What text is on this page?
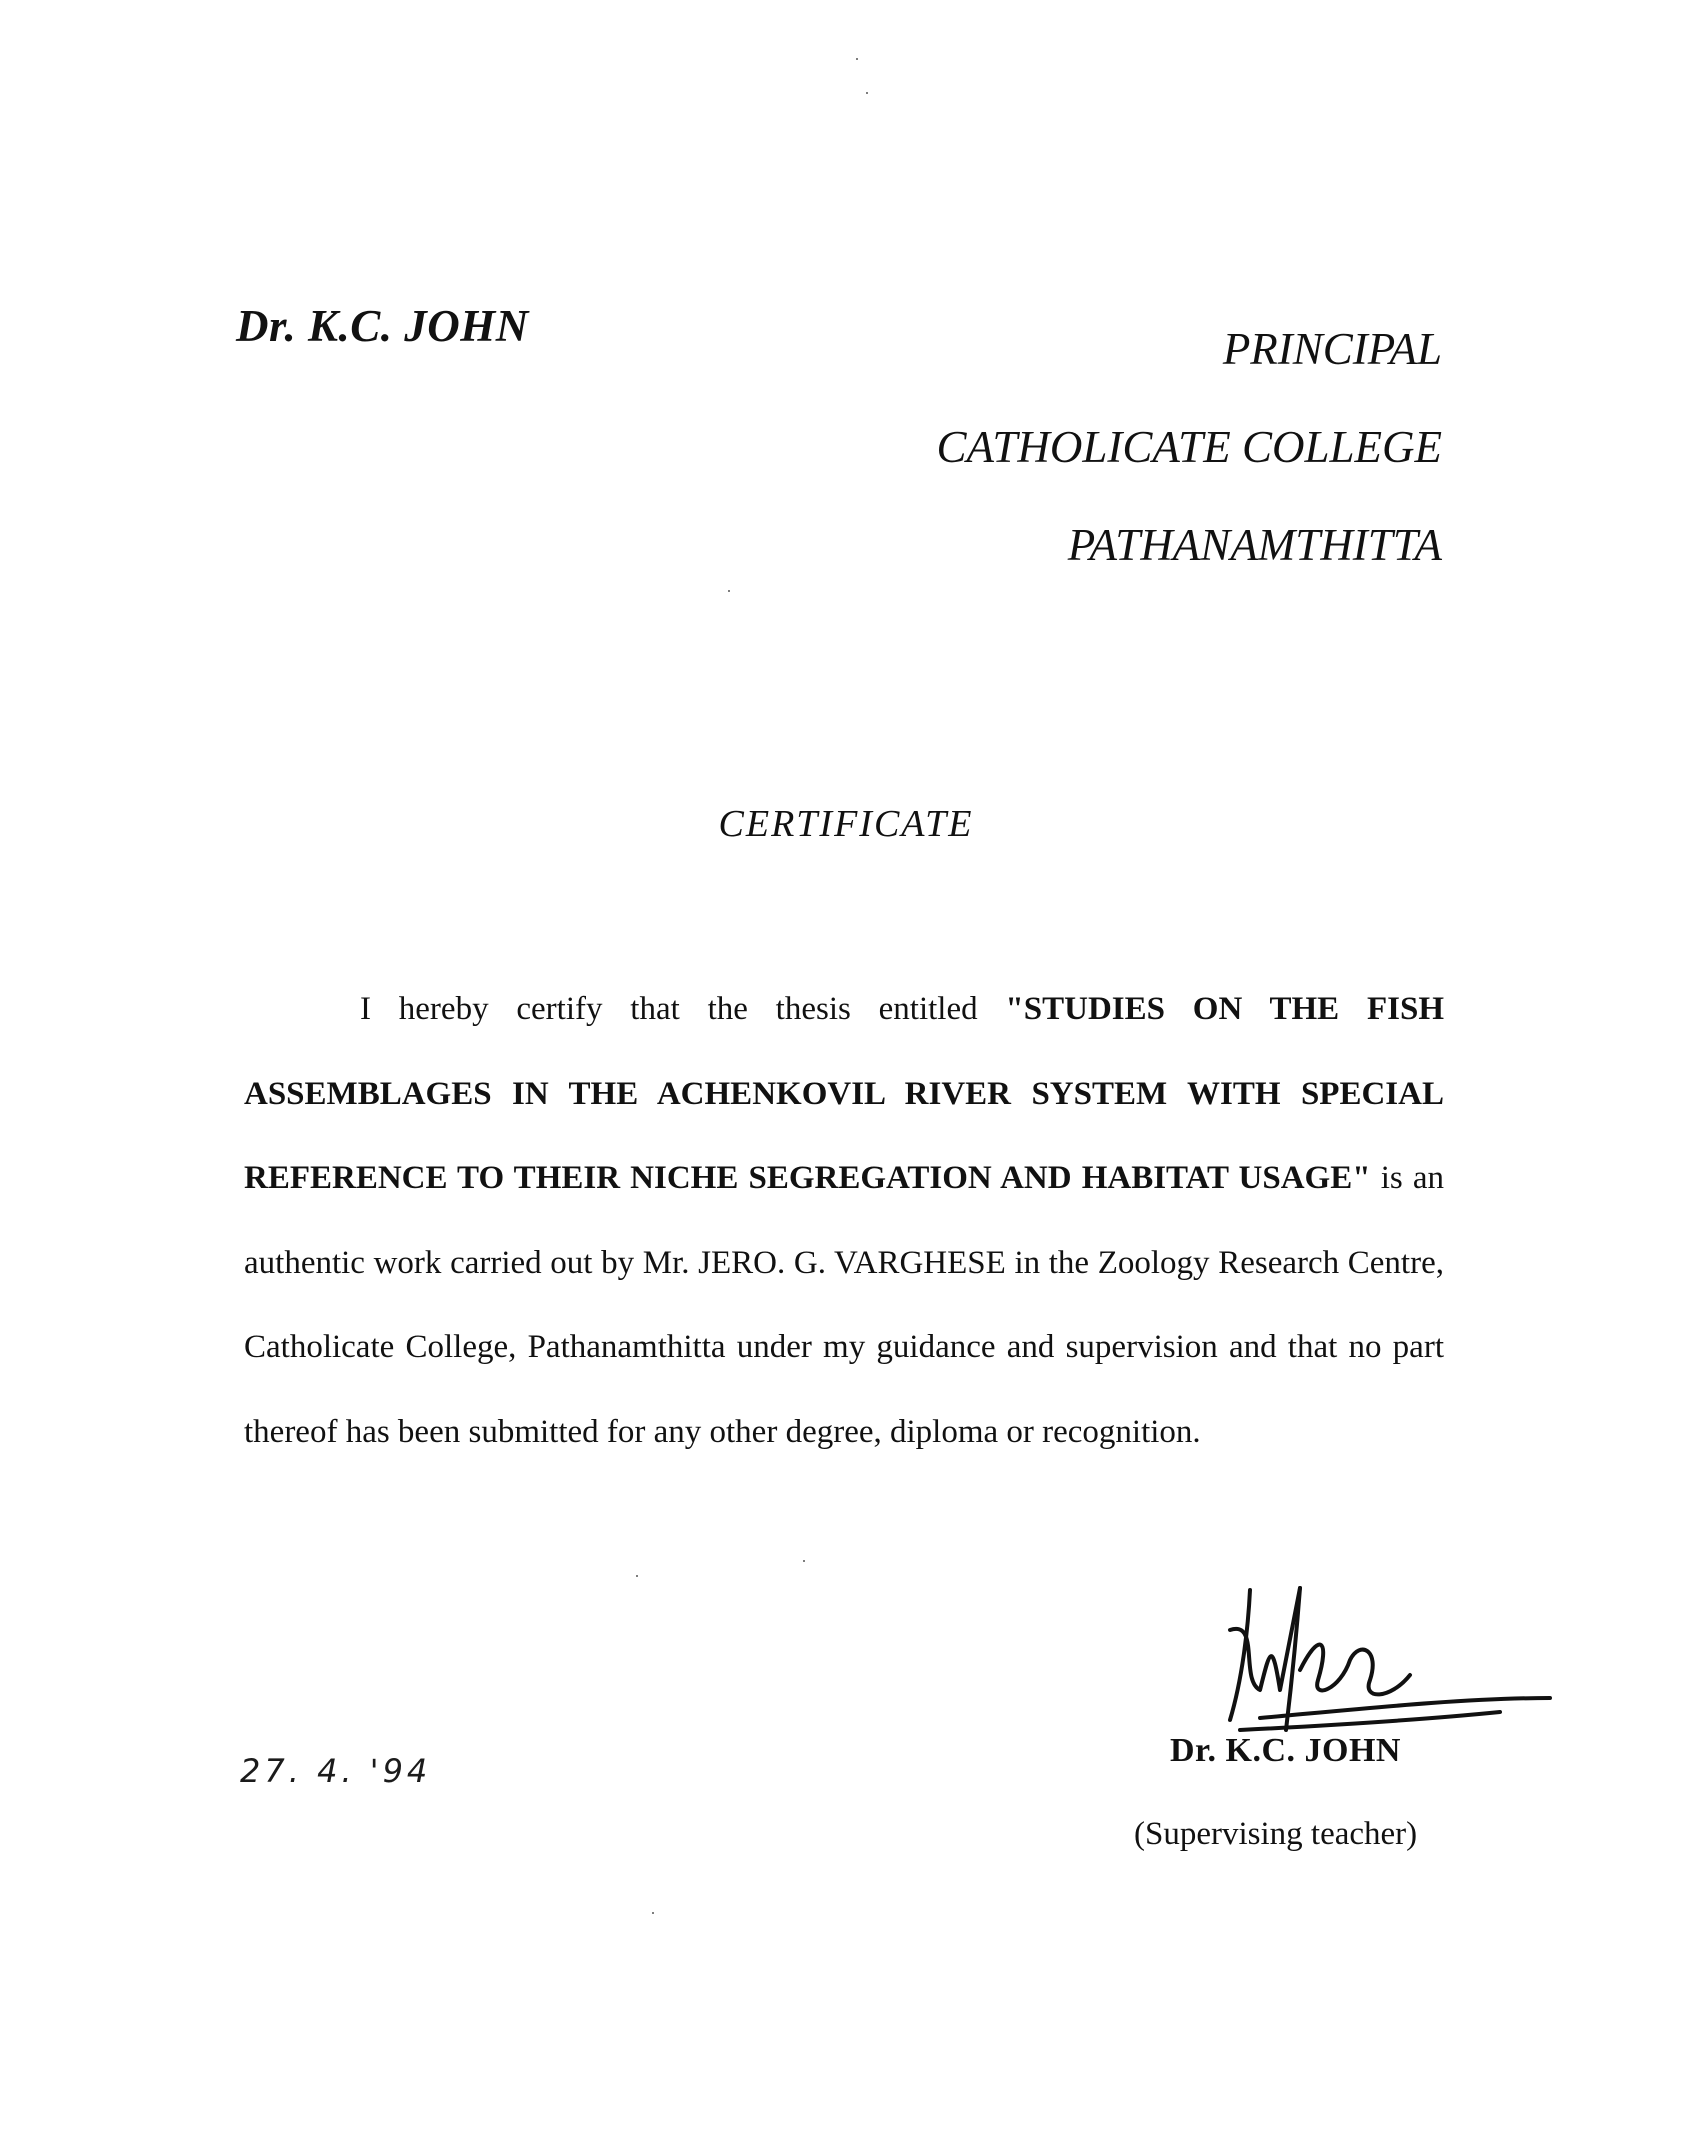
Dr. K.C. JOHN	PRINCIPAL
CATHOLICATE COLLEGE
PATHANAMTHITTA
CERTIFICATE
I hereby certify that the thesis entitled "STUDIES ON THE FISH ASSEMBLAGES IN THE ACHENKOVIL RIVER SYSTEM WITH SPECIAL REFERENCE TO THEIR NICHE SEGREGATION AND HABITAT USAGE" is an authentic work carried out by Mr. JERO. G. VARGHESE in the Zoology Research Centre, Catholicate College, Pathanamthitta under my guidance and supervision and that no part thereof has been submitted for any other degree, diploma or recognition.
27. 4. '94
Dr. K.C. JOHN
(Supervising teacher)
